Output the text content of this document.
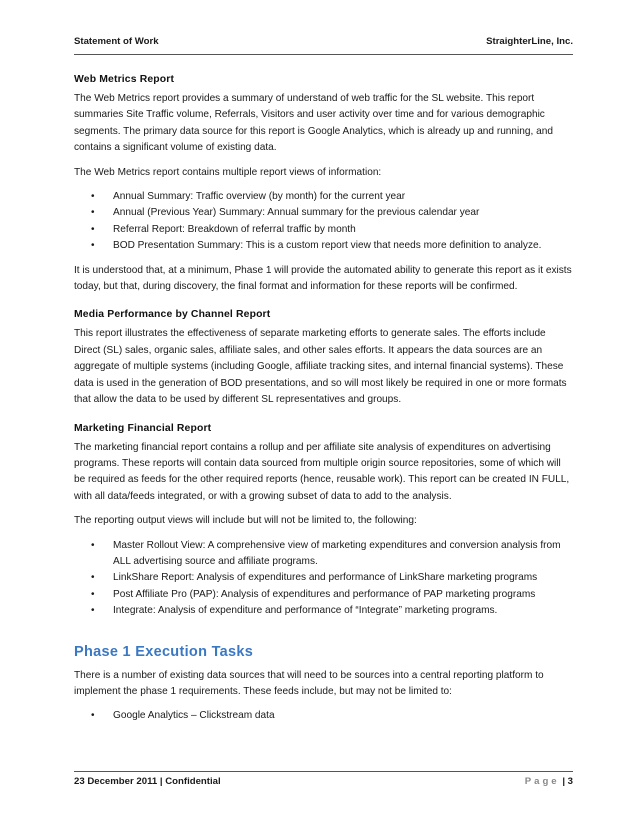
Statement of Work	StraighterLine, Inc.
Web Metrics Report

The Web Metrics report provides a summary of understand of web traffic for the SL website. This report summaries Site Traffic volume, Referrals, Visitors and user activity over time and for various demographic segments. The primary data source for this report is Google Analytics, which is already up and running, and contains a significant volume of existing data.

The Web Metrics report contains multiple report views of information:

• Annual Summary: Traffic overview (by month) for the current year
• Annual (Previous Year) Summary: Annual summary for the previous calendar year
• Referral Report: Breakdown of referral traffic by month
• BOD Presentation Summary: This is a custom report view that needs more definition to analyze.

It is understood that, at a minimum, Phase 1 will provide the automated ability to generate this report as it exists today, but that, during discovery, the final format and information for these reports will be confirmed.

Media Performance by Channel Report

This report illustrates the effectiveness of separate marketing efforts to generate sales. The efforts include Direct (SL) sales, organic sales, affiliate sales, and other sales efforts. It appears the data sources are an aggregate of multiple systems (including Google, affiliate tracking sites, and internal financial systems). These data is used in the generation of BOD presentations, and so will most likely be required in one or more formats that allow the data to be used by different SL representatives and groups.

Marketing Financial Report

The marketing financial report contains a rollup and per affiliate site analysis of expenditures on advertising programs. These reports will contain data sourced from multiple origin source repositories, some of which will be required as feeds for the other required reports (hence, reusable work). This report can be created IN FULL, with all data/feeds integrated, or with a growing subset of data to add to the analysis.

The reporting output views will include but will not be limited to, the following:

• Master Rollout View: A comprehensive view of marketing expenditures and conversion analysis from ALL advertising source and affiliate programs.
• LinkShare Report: Analysis of expenditures and performance of LinkShare marketing programs
• Post Affiliate Pro (PAP): Analysis of expenditures and performance of PAP marketing programs
• Integrate: Analysis of expenditure and performance of “Integrate” marketing programs.
Phase 1 Execution Tasks

There is a number of existing data sources that will need to be sources into a central reporting platform to implement the phase 1 requirements. These feeds include, but may not be limited to:

• Google Analytics – Clickstream data
23 December 2011 | Confidential	Page | 3
